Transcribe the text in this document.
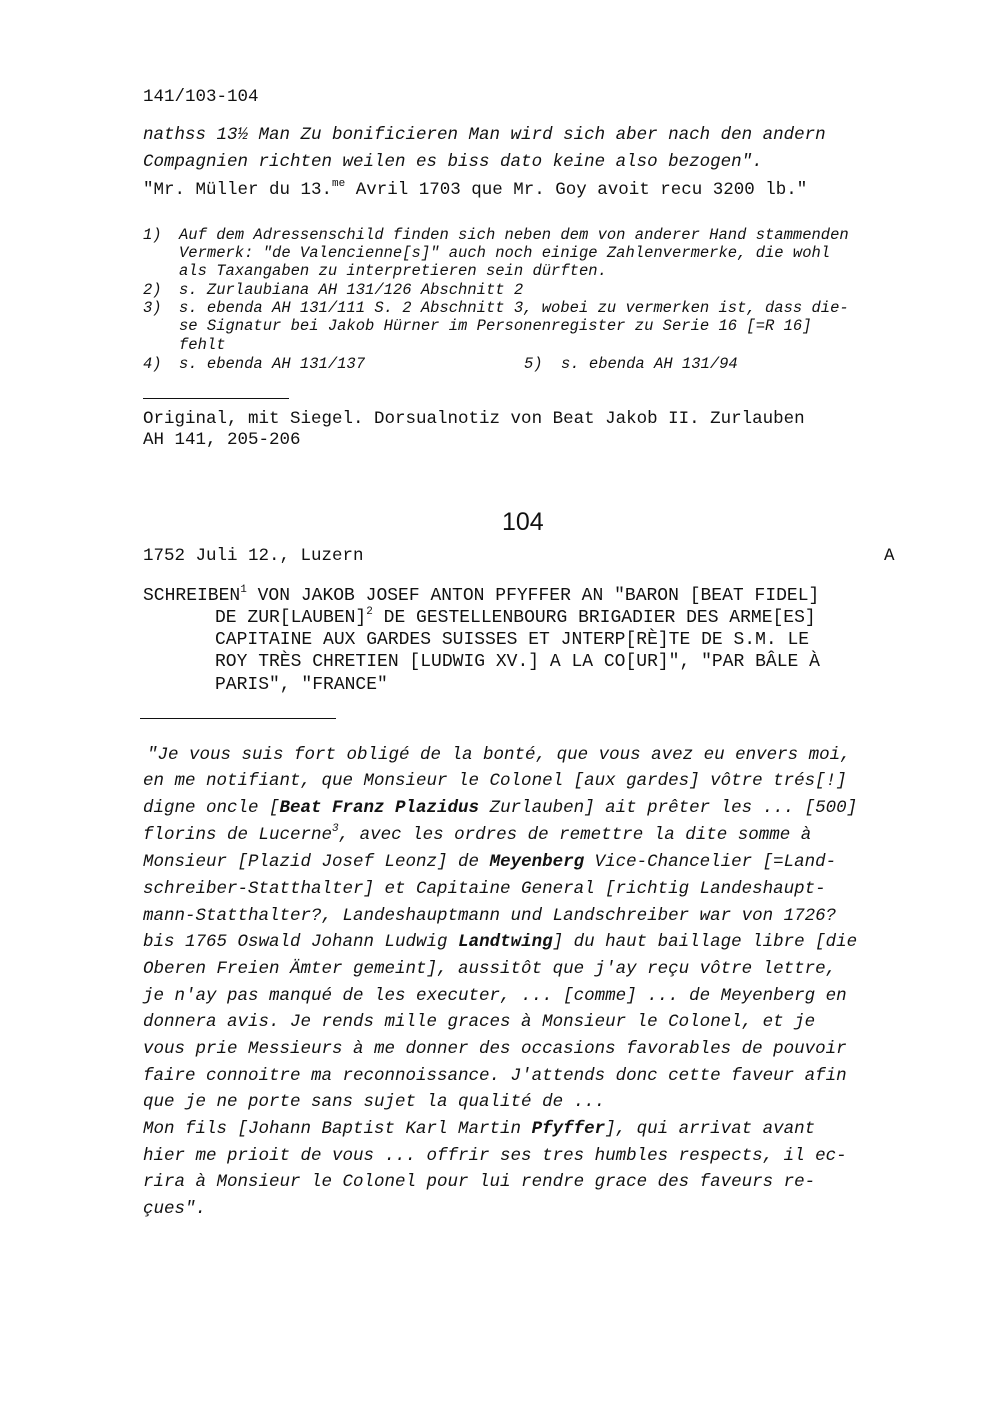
141/103-104
nathss 13½ Man Zu bonificieren Man wird sich aber nach den andern
Compagnien richten weilen es biss dato keine also bezogen".
"Mr. Müller du 13.$^{me}$ Avril 1703 que Mr. Goy avoit recu 3200 lb."
1) Auf dem Adressenschild finden sich neben dem von anderer Hand stammenden
Vermerk: "de Valencienne[s]" auch noch einige Zahlenvermerke, die wohl
als Taxangaben zu interpretieren sein dürften.
2) s. Zurlaubiana AH 131/126 Abschnitt 2
3) s. ebenda AH 131/111 S. 2 Abschnitt 3, wobei zu vermerken ist, dass die-
se Signatur bei Jakob Hürner im Personenregister zu Serie 16 [=R 16]
fehlt
4) s. ebenda AH 131/137	5) s. ebenda AH 131/94
Original, mit Siegel. Dorsualnotiz von Beat Jakob II. Zurlauben
AH 141, 205-206
104
1752 Juli 12., Luzern	A
SCHREIBEN$^1$ VON JAKOB JOSEF ANTON PFYFFER AN "BARON [BEAT FIDEL]
DE ZUR[LAUBEN]$^2$ DE GESTELLENBOURG BRIGADIER DES ARME[ES]
CAPITAINE AUX GARDES SUISSES ET JNTERP[RÈ]TE DE S.M. LE
ROY TRÈS CHRETIEN [LUDWIG XV.] A LA CO[UR]", "PAR BÂLE À
PARIS", "FRANCE"
"Je vous suis fort obligé de la bonté, que vous avez eu envers moi,
en me notifiant, que Monsieur le Colonel [aux gardes] vôtre trés[!]
digne oncle [Beat Franz Plazidus Zurlauben] ait prêter les ... [500]
florins de Lucerne$^3$, avec les ordres de remettre la dite somme à
Monsieur [Plazid Josef Leonz] de Meyenberg Vice-Chancelier [=Land-
schreiber-Statthalter] et Capitaine General [richtig Landeshaupt-
mann-Statthalter?, Landeshauptmann und Landschreiber war von 1726?
bis 1765 Oswald Johann Ludwig Landtwing] du haut baillage libre [die
Oberen Freien Ämter gemeint], aussitôt que j'ay reçu vôtre lettre,
je n'ay pas manqué de les executer, ... [comme] ... de Meyenberg en
donnera avis. Je rends mille graces à Monsieur le Colonel, et je
vous prie Messieurs à me donner des occasions favorables de pouvoir
faire connoitre ma reconnoissance. J'attends donc cette faveur afin
que je ne porte sans sujet la qualité de ...
Mon fils [Johann Baptist Karl Martin Pfyffer], qui arrivat avant
hier me prioit de vous ... offrir ses tres humbles respects, il ec-
rira à Monsieur le Colonel pour lui rendre grace des faveurs re-
çues".
